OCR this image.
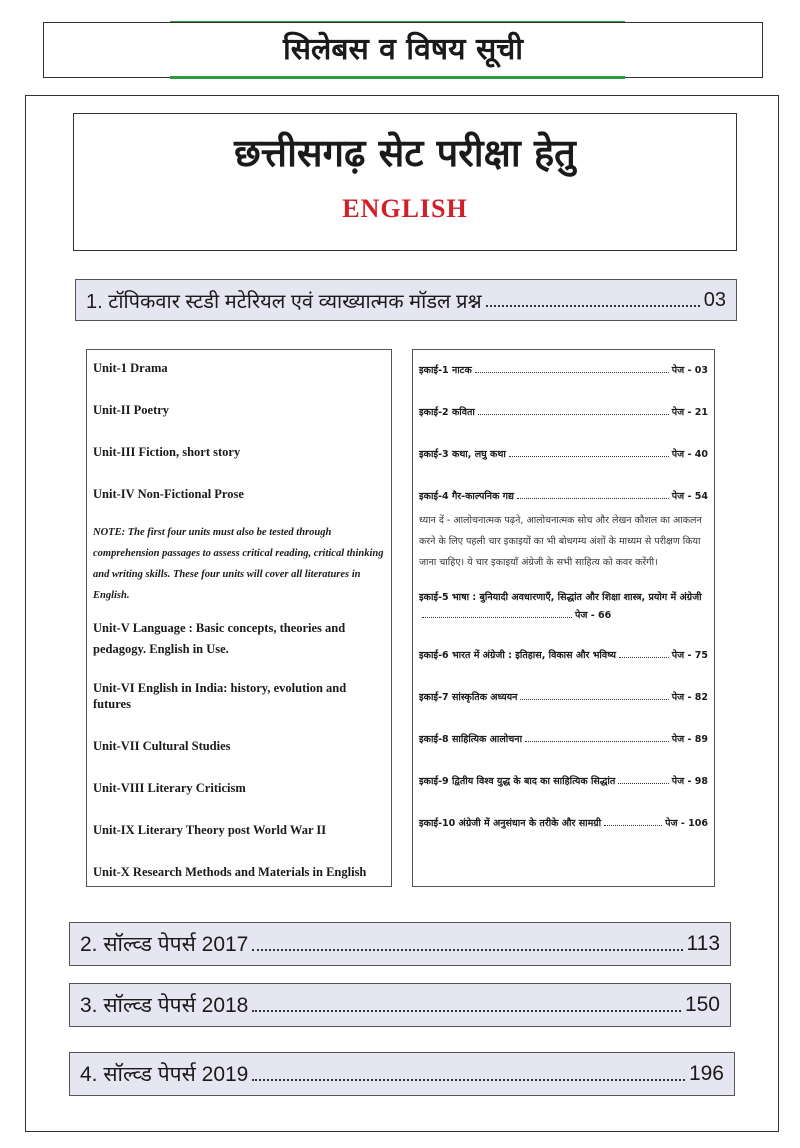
सिलेबस व विषय सूची
छत्तीसगढ़ सेट परीक्षा हेतु
ENGLISH
1. टॉपिकवार स्टडी मटेरियल एवं व्याख्यात्मक मॉडल प्रश्न	03

Unit-1 Drama

Unit-II Poetry

Unit-III Fiction, short story

Unit-IV Non-Fictional Prose

NOTE: The first four units must also be tested through comprehension passages to assess critical reading, critical thinking and writing skills. These four units will cover all literatures in English.

Unit-V Language : Basic concepts, theories and pedagogy. English in Use.

Unit-VI English in India: history, evolution and futures

Unit-VII Cultural Studies

Unit-VIII Literary Criticism

Unit-IX Literary Theory post World War II

Unit-X Research Methods and Materials in English

इकाई-1 नाटक	पेज - 03

इकाई-2 कविता	पेज - 21

इकाई-3 कथा, लघु कथा	पेज - 40

इकाई-4 गैर-काल्पनिक गद्य	पेज - 54

ध्यान दें - आलोचनात्मक पढ़ने, आलोचनात्मक सोच और लेखन कौशल का आकलन करने के लिए पहली चार इकाइयों का भी बोधगम्य अंशों के माध्यम से परीक्षण किया जाना चाहिए। ये चार इकाइयाँ अंग्रेजी के सभी साहित्य को कवर करेंगी।

इकाई-5 भाषा : बुनियादी अवधारणाएँ, सिद्धांत और शिक्षा शास्त्र, प्रयोग में अंग्रेजी पेज - 66

इकाई-6 भारत में अंग्रेजी : इतिहास, विकास और भविष्य	पेज - 75

इकाई-7 सांस्कृतिक अध्ययन	पेज - 82

इकाई-8 साहित्यिक आलोचना	पेज - 89

इकाई-9 द्वितीय विश्व युद्ध के बाद का साहित्यिक सिद्धांत	पेज - 98

इकाई-10 अंग्रेजी में अनुसंधान के तरीके और सामग्री	पेज - 106

2. सॉल्व्ड पेपर्स 2017	113
3. सॉल्व्ड पेपर्स 2018	150
4. सॉल्व्ड पेपर्स 2019	196
